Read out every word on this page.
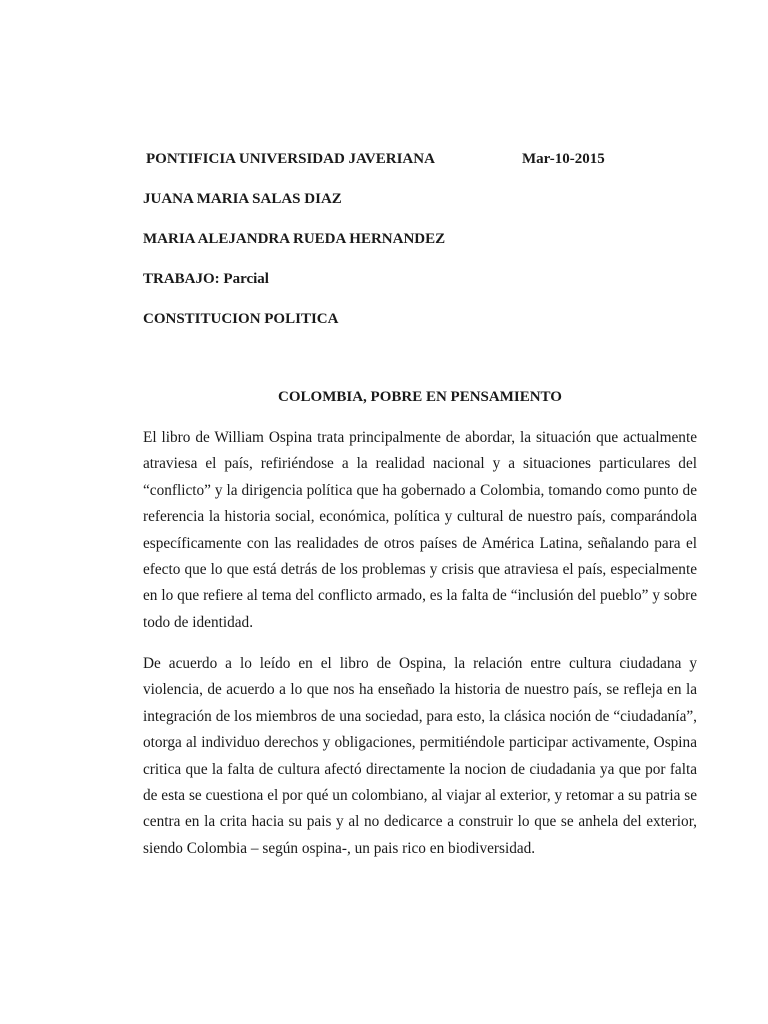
PONTIFICIA UNIVERSIDAD JAVERIANA	Mar-10-2015
JUANA MARIA SALAS DIAZ
MARIA ALEJANDRA RUEDA HERNANDEZ
TRABAJO: Parcial
CONSTITUCION POLITICA
COLOMBIA, POBRE EN PENSAMIENTO

El libro de William Ospina trata principalmente de abordar, la situación que actualmente atraviesa el país, refiriéndose a la realidad nacional y a situaciones particulares del “conflicto” y la dirigencia política que ha gobernado a Colombia, tomando como punto de referencia la historia social, económica, política y cultural de nuestro país, comparándola específicamente con las realidades de otros países de América Latina, señalando para el efecto que lo que está detrás de los problemas y crisis que atraviesa el país, especialmente en lo que refiere al tema del conflicto armado, es la falta de “inclusión del pueblo” y sobre todo de identidad.

De acuerdo a lo leído en el libro de Ospina, la relación entre cultura ciudadana y violencia, de acuerdo a lo que nos ha enseñado la historia de nuestro país, se refleja en la integración de los miembros de una sociedad, para esto, la clásica noción de “ciudadanía”, otorga al individuo derechos y obligaciones, permitiéndole participar activamente, Ospina critica que la falta de cultura afectó directamente la nocion de ciudadania ya que por falta de esta se cuestiona el por qué un colombiano, al viajar al exterior, y retomar a su patria se centra en la crita hacia su pais y al no dedicarce a construir lo que se anhela del exterior, siendo Colombia – según ospina-, un pais rico en biodiversidad.
